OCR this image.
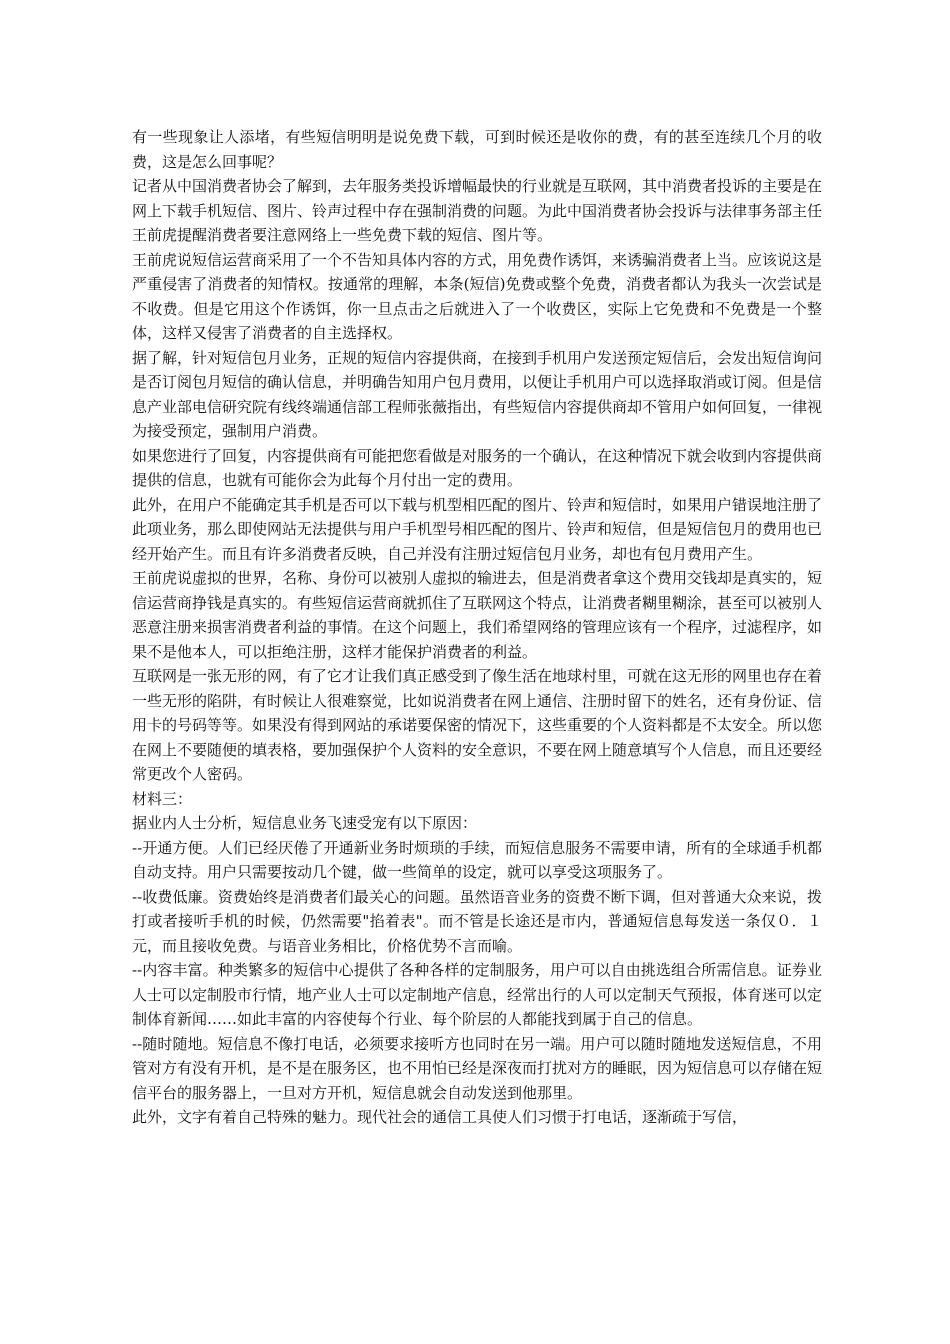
有一些现象让人添堵，有些短信明明是说免费下载，可到时候还是收你的费，有的甚至连续几个月的收费，这是怎么回事呢？

记者从中国消费者协会了解到，去年服务类投诉增幅最快的行业就是互联网，其中消费者投诉的主要是在网上下载手机短信、图片、铃声过程中存在强制消费的问题。为此中国消费者协会投诉与法律事务部主任王前虎提醒消费者要注意网络上一些免费下载的短信、图片等。

王前虎说短信运营商采用了一个不告知具体内容的方式，用免费作诱饵，来诱骗消费者上当。应该说这是严重侵害了消费者的知情权。按通常的理解，本条(短信)免费或整个免费，消费者都认为我头一次尝试是不收费。但是它用这个作诱饵，你一旦点击之后就进入了一个收费区，实际上它免费和不免费是一个整体，这样又侵害了消费者的自主选择权。

据了解，针对短信包月业务，正规的短信内容提供商，在接到手机用户发送预定短信后，会发出短信询问是否订阅包月短信的确认信息，并明确告知用户包月费用，以便让手机用户可以选择取消或订阅。但是信息产业部电信研究院有线终端通信部工程师张薇指出，有些短信内容提供商却不管用户如何回复，一律视为接受预定，强制用户消费。

如果您进行了回复，内容提供商有可能把您看做是对服务的一个确认，在这种情况下就会收到内容提供商提供的信息，也就有可能你会为此每个月付出一定的费用。

此外，在用户不能确定其手机是否可以下载与机型相匹配的图片、铃声和短信时，如果用户错误地注册了此项业务，那么即使网站无法提供与用户手机型号相匹配的图片、铃声和短信，但是短信包月的费用也已经开始产生。而且有许多消费者反映，自己并没有注册过短信包月业务，却也有包月费用产生。

王前虎说虚拟的世界，名称、身份可以被别人虚拟的输进去，但是消费者拿这个费用交钱却是真实的，短信运营商挣钱是真实的。有些短信运营商就抓住了互联网这个特点，让消费者糊里糊涂，甚至可以被别人恶意注册来损害消费者利益的事情。在这个问题上，我们希望网络的管理应该有一个程序，过滤程序，如果不是他本人，可以拒绝注册，这样才能保护消费者的利益。

互联网是一张无形的网，有了它才让我们真正感受到了像生活在地球村里，可就在这无形的网里也存在着一些无形的陷阱，有时候让人很难察觉，比如说消费者在网上通信、注册时留下的姓名，还有身份证、信用卡的号码等等。如果没有得到网站的承诺要保密的情况下，这些重要的个人资料都是不太安全。所以您在网上不要随便的填表格，要加强保护个人资料的安全意识，不要在网上随意填写个人信息，而且还要经常更改个人密码。

材料三：

据业内人士分析，短信息业务飞速受宠有以下原因：

--开通方便。人们已经厌倦了开通新业务时烦琐的手续，而短信息服务不需要申请，所有的全球通手机都自动支持。用户只需要按动几个键，做一些简单的设定，就可以享受这项服务了。

--收费低廉。资费始终是消费者们最关心的问题。虽然语音业务的资费不断下调，但对普通大众来说，拨打或者接听手机的时候，仍然需要"掐着表"。而不管是长途还是市内，普通短信息每发送一条仅０．１元，而且接收免费。与语音业务相比，价格优势不言而喻。

--内容丰富。种类繁多的短信中心提供了各种各样的定制服务，用户可以自由挑选组合所需信息。证券业人士可以定制股市行情，地产业人士可以定制地产信息，经常出行的人可以定制天气预报，体育迷可以定制体育新闻……如此丰富的内容使每个行业、每个阶层的人都能找到属于自己的信息。

--随时随地。短信息不像打电话，必须要求接听方也同时在另一端。用户可以随时随地发送短信息，不用管对方有没有开机，是不是在服务区，也不用怕已经是深夜而打扰对方的睡眠，因为短信息可以存储在短信平台的服务器上，一旦对方开机，短信息就会自动发送到他那里。

此外，文字有着自己特殊的魅力。现代社会的通信工具使人们习惯于打电话，逐渐疏于写信，
